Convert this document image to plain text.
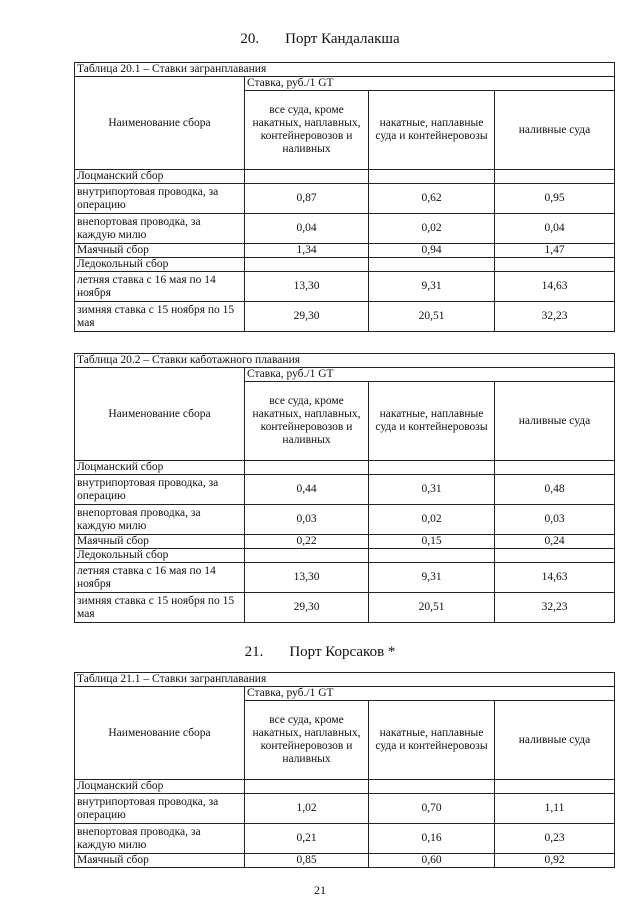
20. Порт Кандалакша
Таблица 20.1 – Ставки загранплавания			
Наименование сбора	Ставка, руб./1 GT		
	все суда, кроме накатных, наплавных, контейнеровозов и наливных	накатные, наплавные суда и контейнеровозы	наливные суда
Лоцманский сбор			
внутрипортовая проводка, за операцию	0,87	0,62	0,95
внепортовая проводка, за каждую милю	0,04	0,02	0,04
Маячный сбор	1,34	0,94	1,47
Ледокольный сбор			
летняя ставка с 16 мая по 14 ноября	13,30	9,31	14,63
зимняя ставка с 15 ноября по 15 мая	29,30	20,51	32,23
Таблица 20.2 – Ставки каботажного плавания			
Наименование сбора	Ставка, руб./1 GT		
	все суда, кроме накатных, наплавных, контейнеровозов и наливных	накатные, наплавные суда и контейнеровозы	наливные суда
Лоцманский сбор			
внутрипортовая проводка, за операцию	0,44	0,31	0,48
внепортовая проводка, за каждую милю	0,03	0,02	0,03
Маячный сбор	0,22	0,15	0,24
Ледокольный сбор			
летняя ставка с 16 мая по 14 ноября	13,30	9,31	14,63
зимняя ставка с 15 ноября по 15 мая	29,30	20,51	32,23
21. Порт Корсаков *
Таблица 21.1 – Ставки загранплавания			
Наименование сбора	Ставка, руб./1 GT		
	все суда, кроме накатных, наплавных, контейнеровозов и наливных	накатные, наплавные суда и контейнеровозы	наливные суда
Лоцманский сбор			
внутрипортовая проводка, за операцию	1,02	0,70	1,11
внепортовая проводка, за каждую милю	0,21	0,16	0,23
Маячный сбор	0,85	0,60	0,92
21
